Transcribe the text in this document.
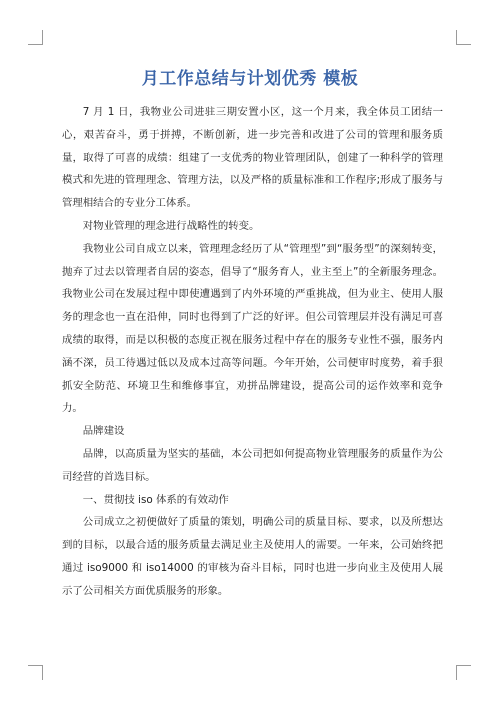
月工作总结与计划优秀 模板

7 月 1 日，我物业公司进驻三期安置小区，这一个月来，我全体员工团结一心，艰苦奋斗，勇于拼搏，不断创新，进一步完善和改进了公司的管理和服务质量，取得了可喜的成绩：组建了一支优秀的物业管理团队，创建了一种科学的管理模式和先进的管理理念、管理方法，以及严格的质量标准和工作程序;形成了服务与管理相结合的专业分工体系。

对物业管理的理念进行战略性的转变。

我物业公司自成立以来，管理理念经历了从“管理型”到“服务型”的深刻转变，抛弃了过去以管理者自居的姿态，倡导了“服务育人，业主至上”的全新服务理念。我物业公司在发展过程中即使遭遇到了内外环境的严重挑战，但为业主、使用人服务的理念也一直在沿伸，同时也得到了广泛的好评。但公司管理层并没有满足可喜成绩的取得，而是以积极的态度正视在服务过程中存在的服务专业性不强，服务内涵不深，员工待遇过低以及成本过高等问题。今年开始，公司便审时度势，着手狠抓安全防范、环境卫生和维修事宜，劝拼品牌建设，提高公司的运作效率和竞争力。

品牌建设

品牌，以高质量为坚实的基础，本公司把如何提高物业管理服务的质量作为公司经营的首选目标。

一、贯彻技 iso 体系的有效动作

公司成立之初便做好了质量的策划，明确公司的质量目标、要求，以及所想达到的目标，以最合适的服务质量去满足业主及使用人的需要。一年来，公司始终把通过 iso9000 和 iso14000 的审核为奋斗目标，同时也进一步向业主及使用人展示了公司相关方面优质服务的形象。
